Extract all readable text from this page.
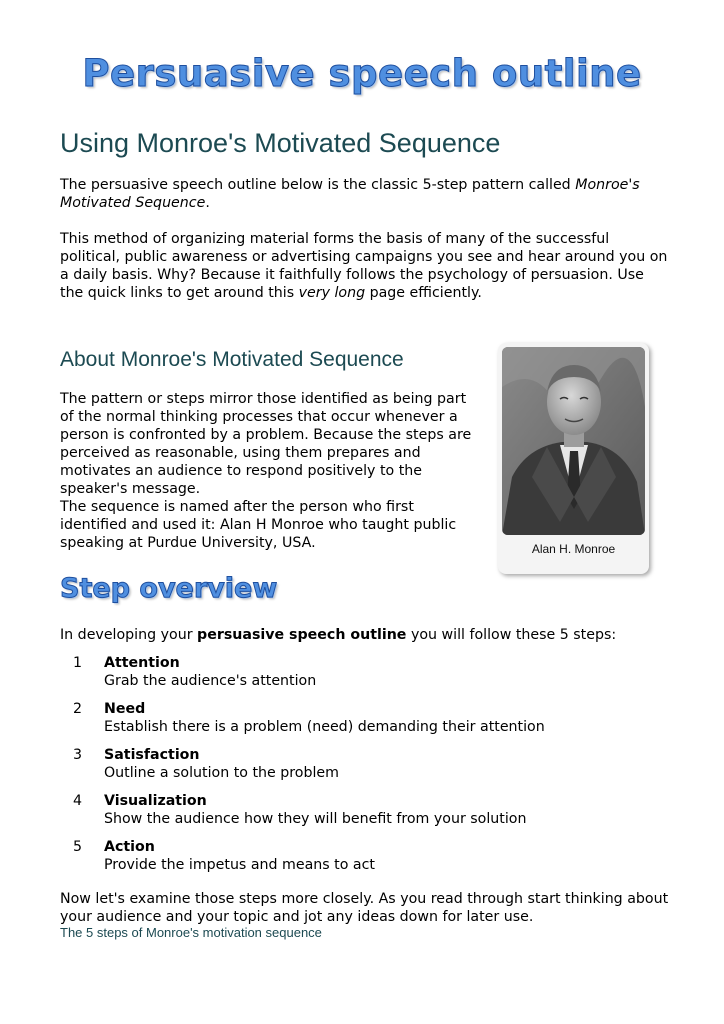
Persuasive speech outline
Using Monroe's Motivated Sequence

The persuasive speech outline below is the classic 5-step pattern called Monroe's Motivated Sequence.

This method of organizing material forms the basis of many of the successful political, public awareness or advertising campaigns you see and hear around you on a daily basis. Why? Because it faithfully follows the psychology of persuasion. Use the quick links to get around this very long page efficiently.

About Monroe's Motivated Sequence

The pattern or steps mirror those identified as being part of the normal thinking processes that occur whenever a person is confronted by a problem. Because the steps are perceived as reasonable, using them prepares and motivates an audience to respond positively to the speaker's message.
The sequence is named after the person who first identified and used it: Alan H Monroe who taught public speaking at Purdue University, USA.	Alan H. Monroe
Step overview

In developing your persuasive speech outline you will follow these 5 steps:

1 Attention
Grab the audience's attention
2 Need
Establish there is a problem (need) demanding their attention
3 Satisfaction
Outline a solution to the problem
4 Visualization
Show the audience how they will benefit from your solution
5 Action
Provide the impetus and means to act

Now let's examine those steps more closely. As you read through start thinking about your audience and your topic and jot any ideas down for later use.

The 5 steps of Monroe's motivation sequence
